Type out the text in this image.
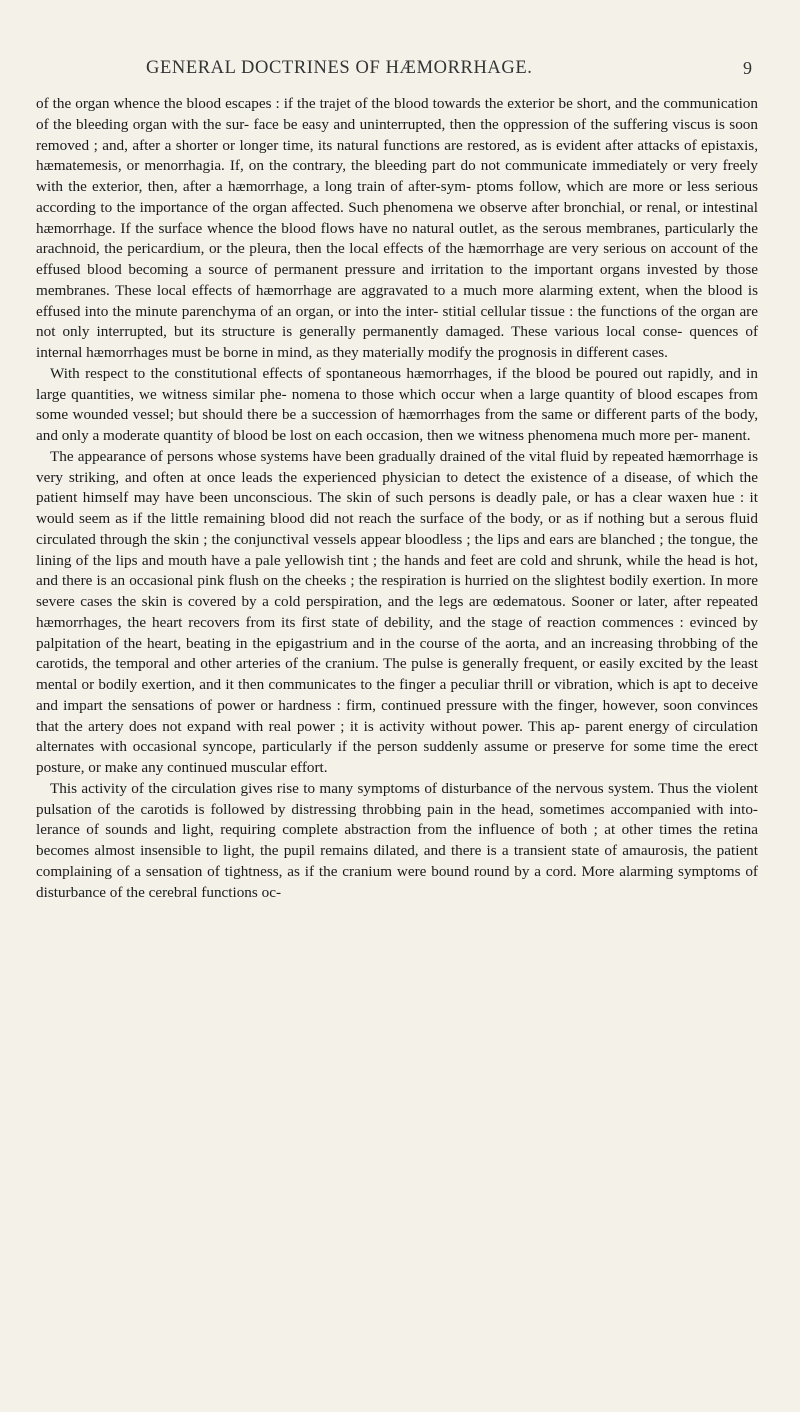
GENERAL DOCTRINES OF HÆMORRHAGE.	9

of the organ whence the blood escapes : if the trajet of the blood towards the exterior be short, and the communication of the bleeding organ with the sur- face be easy and uninterrupted, then the oppression of the suffering viscus is soon removed ; and, after a shorter or longer time, its natural functions are restored, as is evident after attacks of epistaxis, hæmatemesis, or menorrhagia. If, on the contrary, the bleeding part do not communicate immediately or very freely with the exterior, then, after a hæmorrhage, a long train of after-sym- ptoms follow, which are more or less serious according to the importance of the organ affected. Such phenomena we observe after bronchial, or renal, or intestinal hæmorrhage. If the surface whence the blood flows have no natural outlet, as the serous membranes, particularly the arachnoid, the pericardium, or the pleura, then the local effects of the hæmorrhage are very serious on account of the effused blood becoming a source of permanent pressure and irritation to the important organs invested by those membranes. These local effects of hæmorrhage are aggravated to a much more alarming extent, when the blood is effused into the minute parenchyma of an organ, or into the inter- stitial cellular tissue : the functions of the organ are not only interrupted, but its structure is generally permanently damaged. These various local conse- quences of internal hæmorrhages must be borne in mind, as they materially modify the prognosis in different cases.

With respect to the constitutional effects of spontaneous hæmorrhages, if the blood be poured out rapidly, and in large quantities, we witness similar phe- nomena to those which occur when a large quantity of blood escapes from some wounded vessel; but should there be a succession of hæmorrhages from the same or different parts of the body, and only a moderate quantity of blood be lost on each occasion, then we witness phenomena much more per- manent.

The appearance of persons whose systems have been gradually drained of the vital fluid by repeated hæmorrhage is very striking, and often at once leads the experienced physician to detect the existence of a disease, of which the patient himself may have been unconscious. The skin of such persons is deadly pale, or has a clear waxen hue : it would seem as if the little remaining blood did not reach the surface of the body, or as if nothing but a serous fluid circulated through the skin ; the conjunctival vessels appear bloodless ; the lips and ears are blanched ; the tongue, the lining of the lips and mouth have a pale yellowish tint ; the hands and feet are cold and shrunk, while the head is hot, and there is an occasional pink flush on the cheeks ; the respiration is hurried on the slightest bodily exertion. In more severe cases the skin is covered by a cold perspiration, and the legs are œdematous. Sooner or later, after repeated hæmorrhages, the heart recovers from its first state of debility, and the stage of reaction commences : evinced by palpitation of the heart, beating in the epigastrium and in the course of the aorta, and an increasing throbbing of the carotids, the temporal and other arteries of the cranium. The pulse is generally frequent, or easily excited by the least mental or bodily exertion, and it then communicates to the finger a peculiar thrill or vibration, which is apt to deceive and impart the sensations of power or hardness : firm, continued pressure with the finger, however, soon convinces that the artery does not expand with real power ; it is activity without power. This ap- parent energy of circulation alternates with occasional syncope, particularly if the person suddenly assume or preserve for some time the erect posture, or make any continued muscular effort.

This activity of the circulation gives rise to many symptoms of disturbance of the nervous system. Thus the violent pulsation of the carotids is followed by distressing throbbing pain in the head, sometimes accompanied with into- lerance of sounds and light, requiring complete abstraction from the influence of both ; at other times the retina becomes almost insensible to light, the pupil remains dilated, and there is a transient state of amaurosis, the patient complaining of a sensation of tightness, as if the cranium were bound round by a cord. More alarming symptoms of disturbance of the cerebral functions oc-
